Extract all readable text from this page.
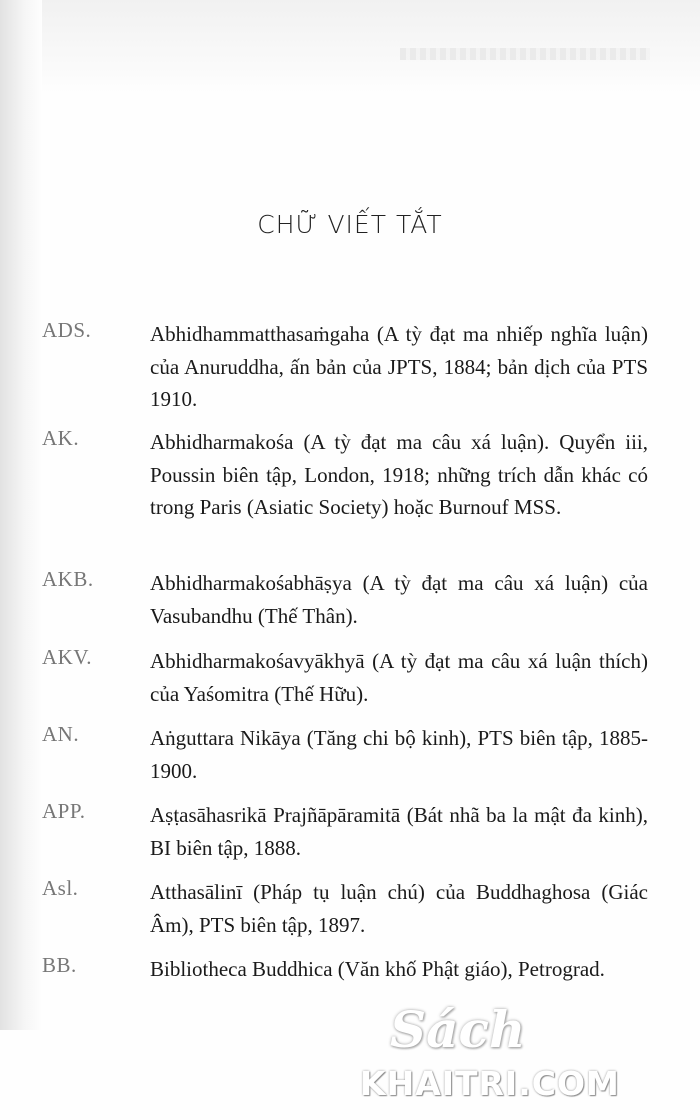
CHỮ VIẾT TẮT
ADS.	Abhidhammatthasaṁgaha (A tỳ đạt ma nhiếp nghĩa luận) của Anuruddha, ấn bản của JPTS, 1884; bản dịch của PTS 1910.
AK.	Abhidharmakośa (A tỳ đạt ma câu xá luận). Quyển iii, Poussin biên tập, London, 1918; những trích dẫn khác có trong Paris (Asiatic Society) hoặc Burnouf MSS.
AKB.	Abhidharmakośabhāṣya (A tỳ đạt ma câu xá luận) của Vasubandhu (Thế Thân).
AKV.	Abhidharmakośavyākhyā (A tỳ đạt ma câu xá luận thích) của Yaśomitra (Thế Hữu).
AN.	Aṅguttara Nikāya (Tăng chi bộ kinh), PTS biên tập, 1885-1900.
APP.	Aṣṭasāhasrikā Prajñāpāramitā (Bát nhã ba la mật đa kinh), BI biên tập, 1888.
Asl.	Atthasālinī (Pháp tụ luận chú) của Buddhaghosa (Giác Âm), PTS biên tập, 1897.
BB.	Bibliotheca Buddhica (Văn khố Phật giáo), Petrograd.
Sách
KHAITRI.COM
